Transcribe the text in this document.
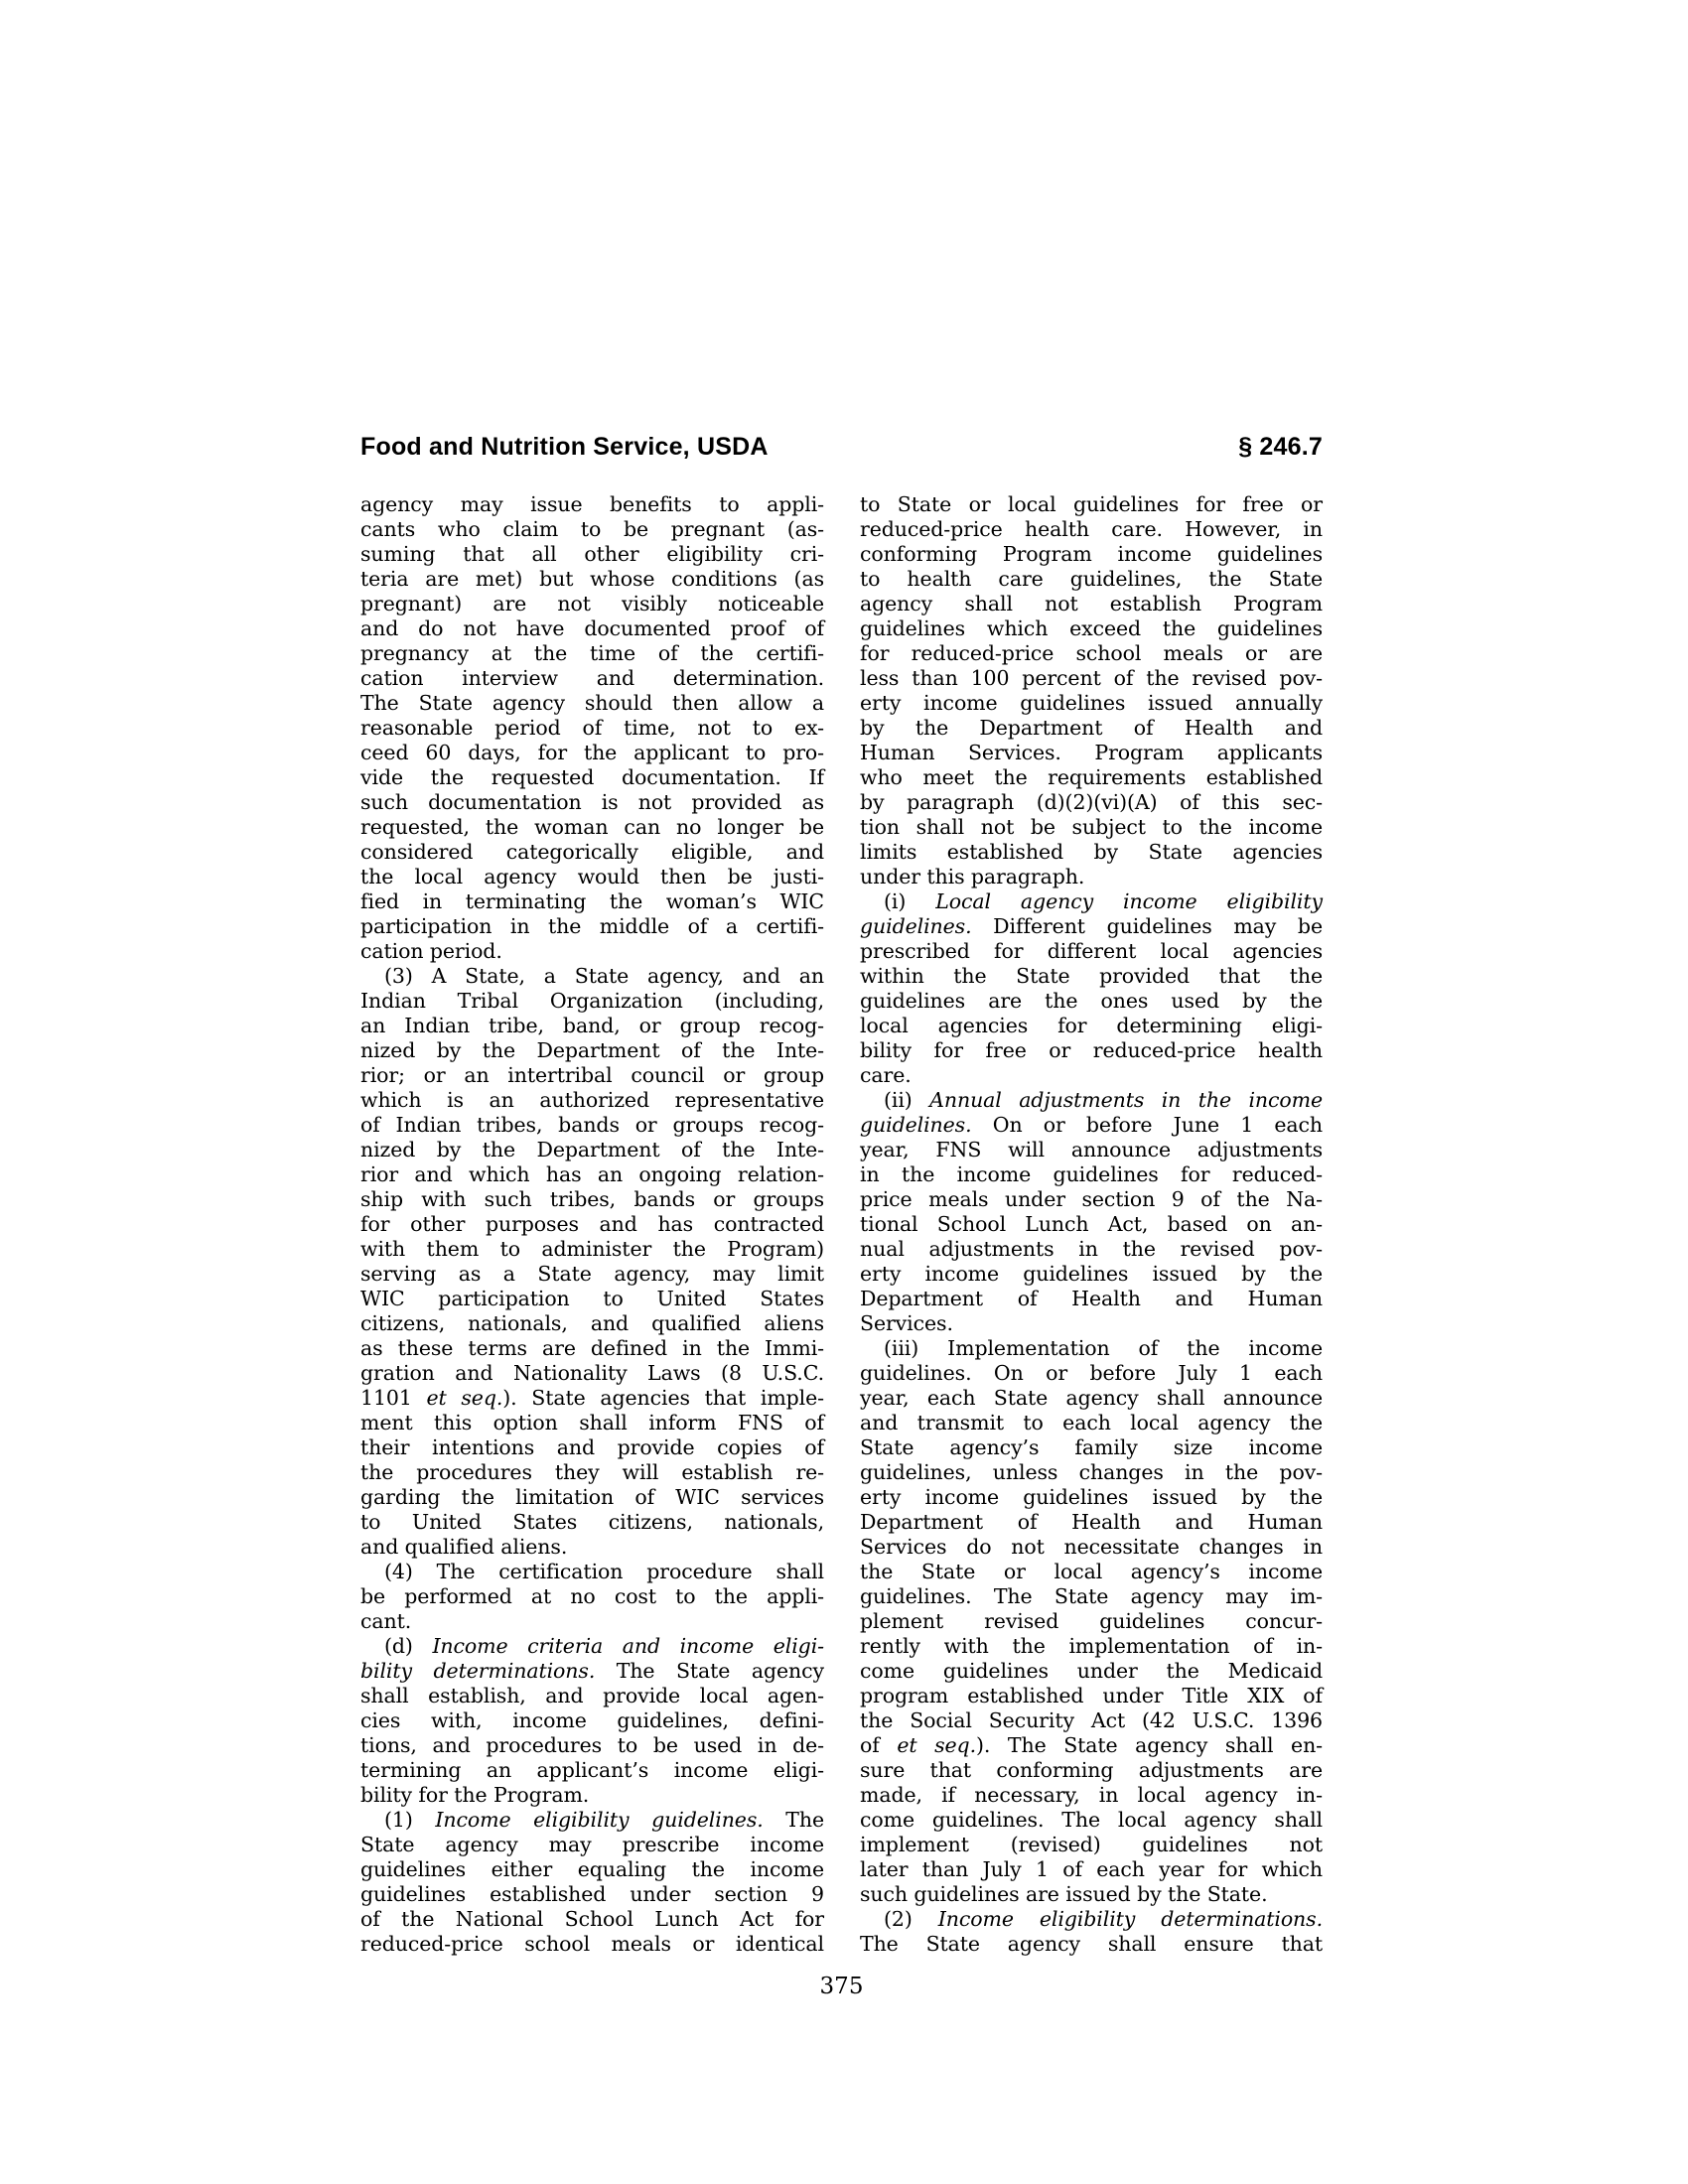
Food and Nutrition Service, USDA	§ 246.7
agency may issue benefits to appli-
cants who claim to be pregnant (as-
suming that all other eligibility cri-
teria are met) but whose conditions (as
pregnant) are not visibly noticeable
and do not have documented proof of
pregnancy at the time of the certifi-
cation interview and determination.
The State agency should then allow a
reasonable period of time, not to ex-
ceed 60 days, for the applicant to pro-
vide the requested documentation. If
such documentation is not provided as
requested, the woman can no longer be
considered categorically eligible, and
the local agency would then be justi-
fied in terminating the woman’s WIC
participation in the middle of a certifi-
cation period.
(3) A State, a State agency, and an
Indian Tribal Organization (including,
an Indian tribe, band, or group recog-
nized by the Department of the Inte-
rior; or an intertribal council or group
which is an authorized representative
of Indian tribes, bands or groups recog-
nized by the Department of the Inte-
rior and which has an ongoing relation-
ship with such tribes, bands or groups
for other purposes and has contracted
with them to administer the Program)
serving as a State agency, may limit
WIC participation to United States
citizens, nationals, and qualified aliens
as these terms are defined in the Immi-
gration and Nationality Laws (8 U.S.C.
1101 et seq.). State agencies that imple-
ment this option shall inform FNS of
their intentions and provide copies of
the procedures they will establish re-
garding the limitation of WIC services
to United States citizens, nationals,
and qualified aliens.
(4) The certification procedure shall
be performed at no cost to the appli-
cant.
(d) Income criteria and income eligi-
bility determinations. The State agency
shall establish, and provide local agen-
cies with, income guidelines, defini-
tions, and procedures to be used in de-
termining an applicant’s income eligi-
bility for the Program.
(1) Income eligibility guidelines. The
State agency may prescribe income
guidelines either equaling the income
guidelines established under section 9
of the National School Lunch Act for
reduced-price school meals or identical
to State or local guidelines for free or
reduced-price health care. However, in
conforming Program income guidelines
to health care guidelines, the State
agency shall not establish Program
guidelines which exceed the guidelines
for reduced-price school meals or are
less than 100 percent of the revised pov-
erty income guidelines issued annually
by the Department of Health and
Human Services. Program applicants
who meet the requirements established
by paragraph (d)(2)(vi)(A) of this sec-
tion shall not be subject to the income
limits established by State agencies
under this paragraph.
(i) Local agency income eligibility
guidelines. Different guidelines may be
prescribed for different local agencies
within the State provided that the
guidelines are the ones used by the
local agencies for determining eligi-
bility for free or reduced-price health
care.
(ii) Annual adjustments in the income
guidelines. On or before June 1 each
year, FNS will announce adjustments
in the income guidelines for reduced-
price meals under section 9 of the Na-
tional School Lunch Act, based on an-
nual adjustments in the revised pov-
erty income guidelines issued by the
Department of Health and Human
Services.
(iii) Implementation of the income
guidelines. On or before July 1 each
year, each State agency shall announce
and transmit to each local agency the
State agency’s family size income
guidelines, unless changes in the pov-
erty income guidelines issued by the
Department of Health and Human
Services do not necessitate changes in
the State or local agency’s income
guidelines. The State agency may im-
plement revised guidelines concur-
rently with the implementation of in-
come guidelines under the Medicaid
program established under Title XIX of
the Social Security Act (42 U.S.C. 1396
of et seq.). The State agency shall en-
sure that conforming adjustments are
made, if necessary, in local agency in-
come guidelines. The local agency shall
implement (revised) guidelines not
later than July 1 of each year for which
such guidelines are issued by the State.
(2) Income eligibility determinations.
The State agency shall ensure that
375
